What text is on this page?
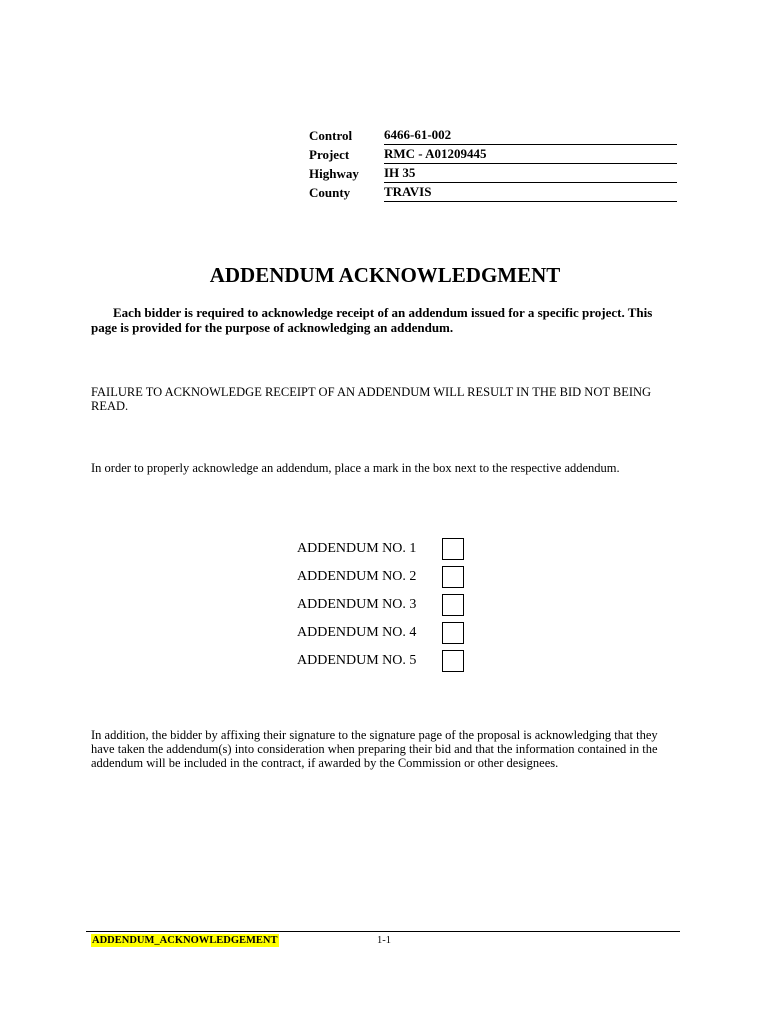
Control	6466-61-002
Project	RMC - A01209445
Highway	IH 35
County	TRAVIS
ADDENDUM ACKNOWLEDGMENT

Each bidder is required to acknowledge receipt of an addendum issued for a specific project. This page is provided for the purpose of acknowledging an addendum.

FAILURE TO ACKNOWLEDGE RECEIPT OF AN ADDENDUM WILL RESULT IN THE BID NOT BEING READ.

In order to properly acknowledge an addendum, place a mark in the box next to the respective addendum.

ADDENDUM NO. 1
ADDENDUM NO. 2
ADDENDUM NO. 3
ADDENDUM NO. 4
ADDENDUM NO. 5

In addition, the bidder by affixing their signature to the signature page of the proposal is acknowledging that they have taken the addendum(s) into consideration when preparing their bid and that the information contained in the addendum will be included in the contract, if awarded by the Commission or other designees.

ADDENDUM_ACKNOWLEDGEMENT	1-1
